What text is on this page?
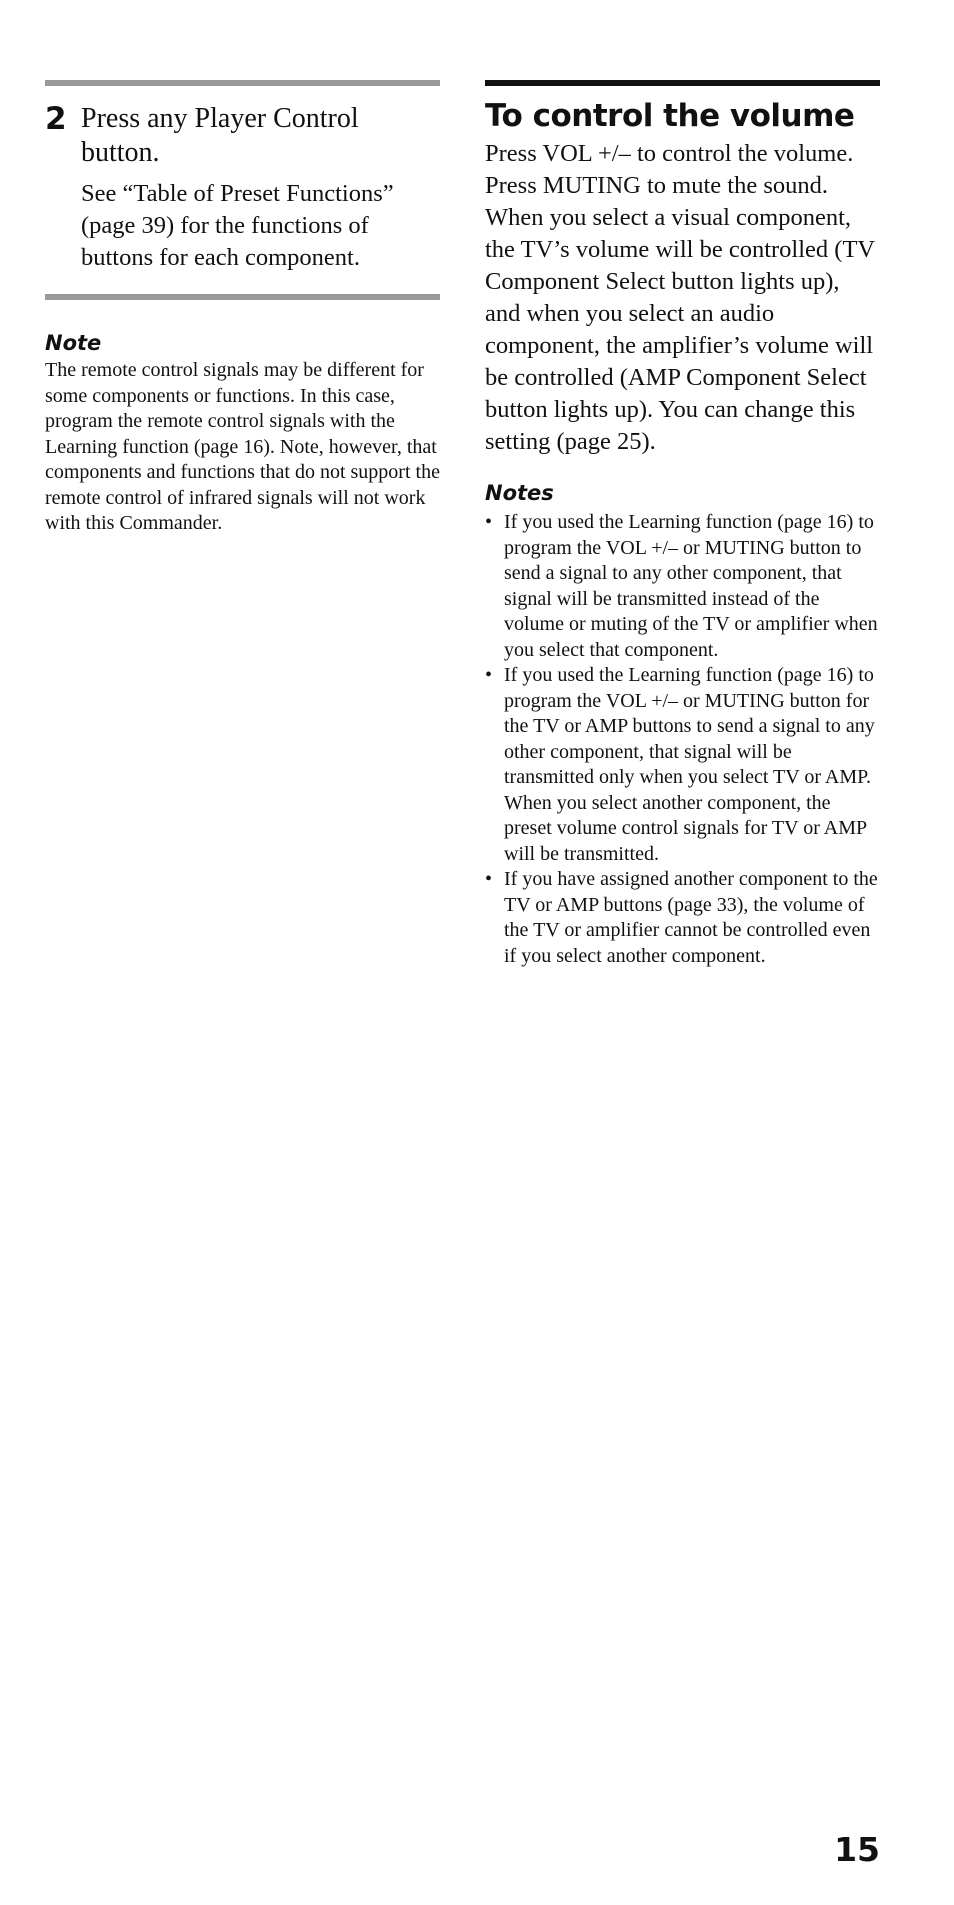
2 Press any Player Control button.
See “Table of Preset Functions” (page 39) for the functions of buttons for each component.
Note
The remote control signals may be different for some components or functions. In this case, program the remote control signals with the Learning function (page 16). Note, however, that components and functions that do not support the remote control of infrared signals will not work with this Commander.
To control the volume
Press VOL +/– to control the volume. Press MUTING to mute the sound.
When you select a visual component, the TV’s volume will be controlled (TV Component Select button lights up), and when you select an audio component, the amplifier’s volume will be controlled (AMP Component Select button lights up). You can change this setting (page 25).
Notes
• If you used the Learning function (page 16) to program the VOL +/– or MUTING button to send a signal to any other component, that signal will be transmitted instead of the volume or muting of the TV or amplifier when you select that component.
• If you used the Learning function (page 16) to program the VOL +/– or MUTING button for the TV or AMP buttons to send a signal to any other component, that signal will be transmitted only when you select TV or AMP. When you select another component, the preset volume control signals for TV or AMP will be transmitted.
• If you have assigned another component to the TV or AMP buttons (page 33), the volume of the TV or amplifier cannot be controlled even if you select another component.
15
